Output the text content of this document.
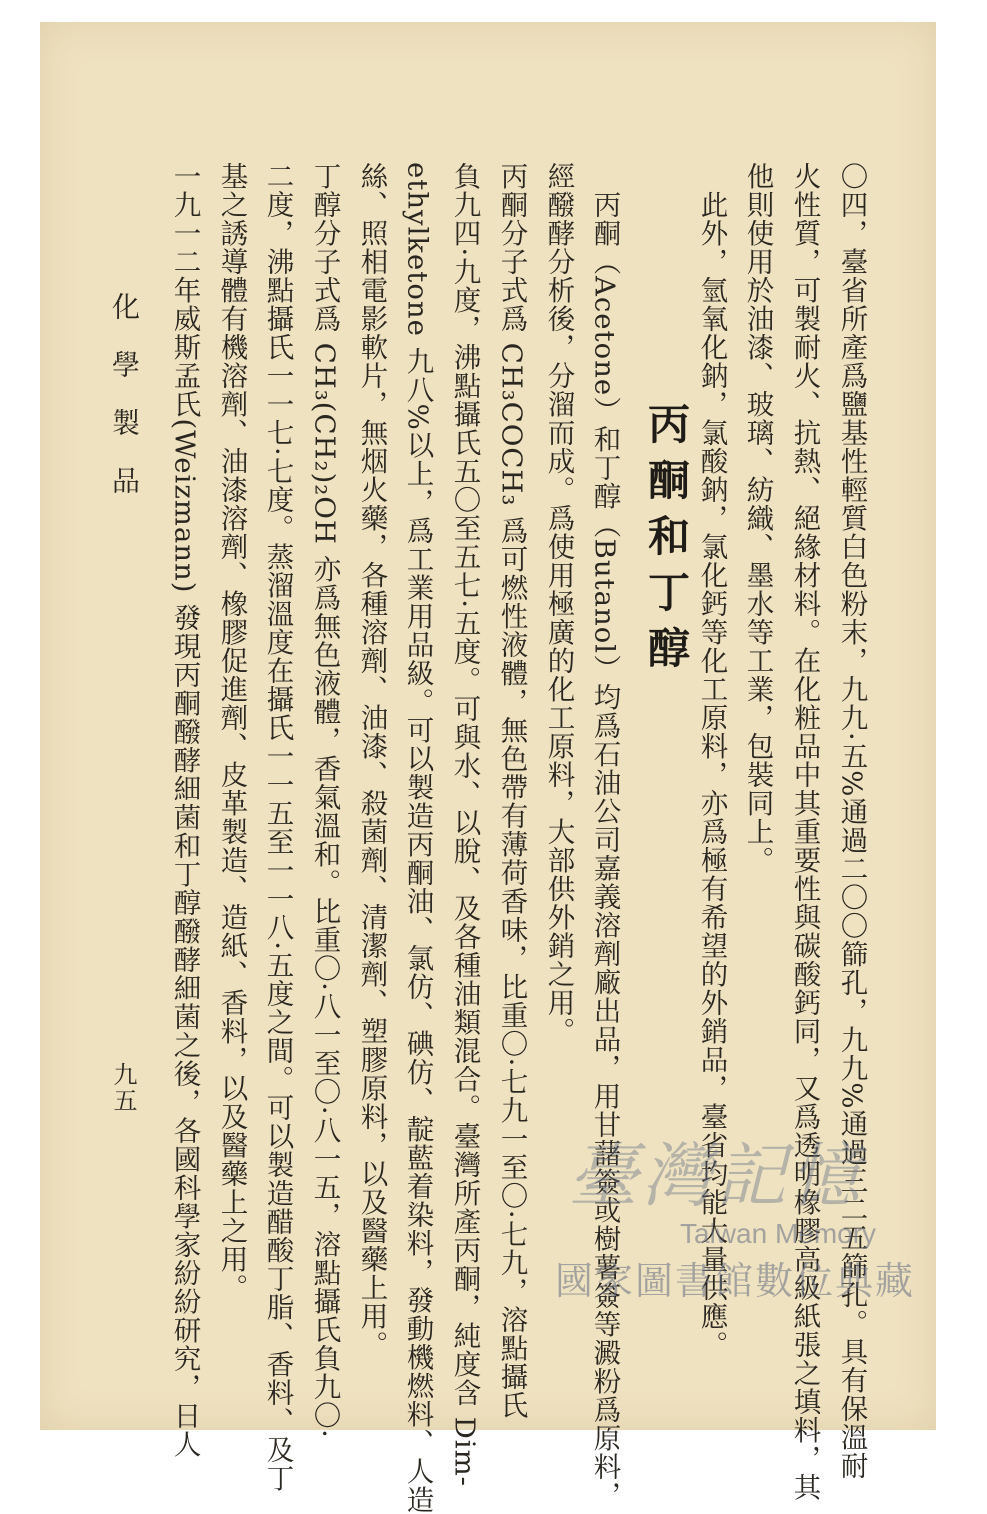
〇四，臺省所產爲鹽基性輕質白色粉末，九九·五%通過二〇〇篩孔，九九%通過三二五篩孔。具有保溫耐
火性質，可製耐火、抗熱、絕緣材料。在化粧品中其重要性與碳酸鈣同，又爲透明橡膠高級紙張之填料，其
他則使用於油漆、玻璃、紡織、墨水等工業，包裝同上。
　此外，氫氧化鈉，氯酸鈉，氯化鈣等化工原料，亦爲極有希望的外銷品，臺省均能大量供應。
丙酮和丁醇
　丙酮（Acetone）和丁醇（Butanol）均爲石油公司嘉義溶劑廠出品，用甘藷簽或樹薯簽等澱粉爲原料，
經醱酵分析後，分溜而成。爲使用極廣的化工原料，大部供外銷之用。
丙酮分子式爲 CH₃COCH₃ 爲可燃性液體，無色帶有薄荷香味，比重〇·七九一至〇·七九，溶點攝氏
負九四·九度，沸點攝氏五〇至五七·五度。可與水、以脫、及各種油類混合。臺灣所產丙酮，純度含 Dim-
ethylketone 九八%以上，爲工業用品級。可以製造丙酮油、氯仿、碘仿、靛藍着染料，發動機燃料、人造
絲、照相電影軟片，無烟火藥，各種溶劑、油漆、殺菌劑、清潔劑、塑膠原料，以及醫藥上用。
丁醇分子式爲 CH₃(CH₂)₂OH 亦爲無色液體，香氣溫和。比重〇·八一至〇·八一五，溶點攝氏負九〇·
二度，沸點攝氏一一七·七度。蒸溜溫度在攝氏一一五至一一八·五度之間。可以製造醋酸丁脂、香料、及丁
基之誘導體有機溶劑、油漆溶劑、橡膠促進劑、皮革製造、造紙、香料，以及醫藥上之用。
一九一二年威斯孟氏(Weizmann) 發現丙酮醱酵細菌和丁醇醱酵細菌之後，各國科學家紛紛研究，日人
化學製品
九五
臺灣記憶
Taiwan Memory
國家圖書館數位典藏
